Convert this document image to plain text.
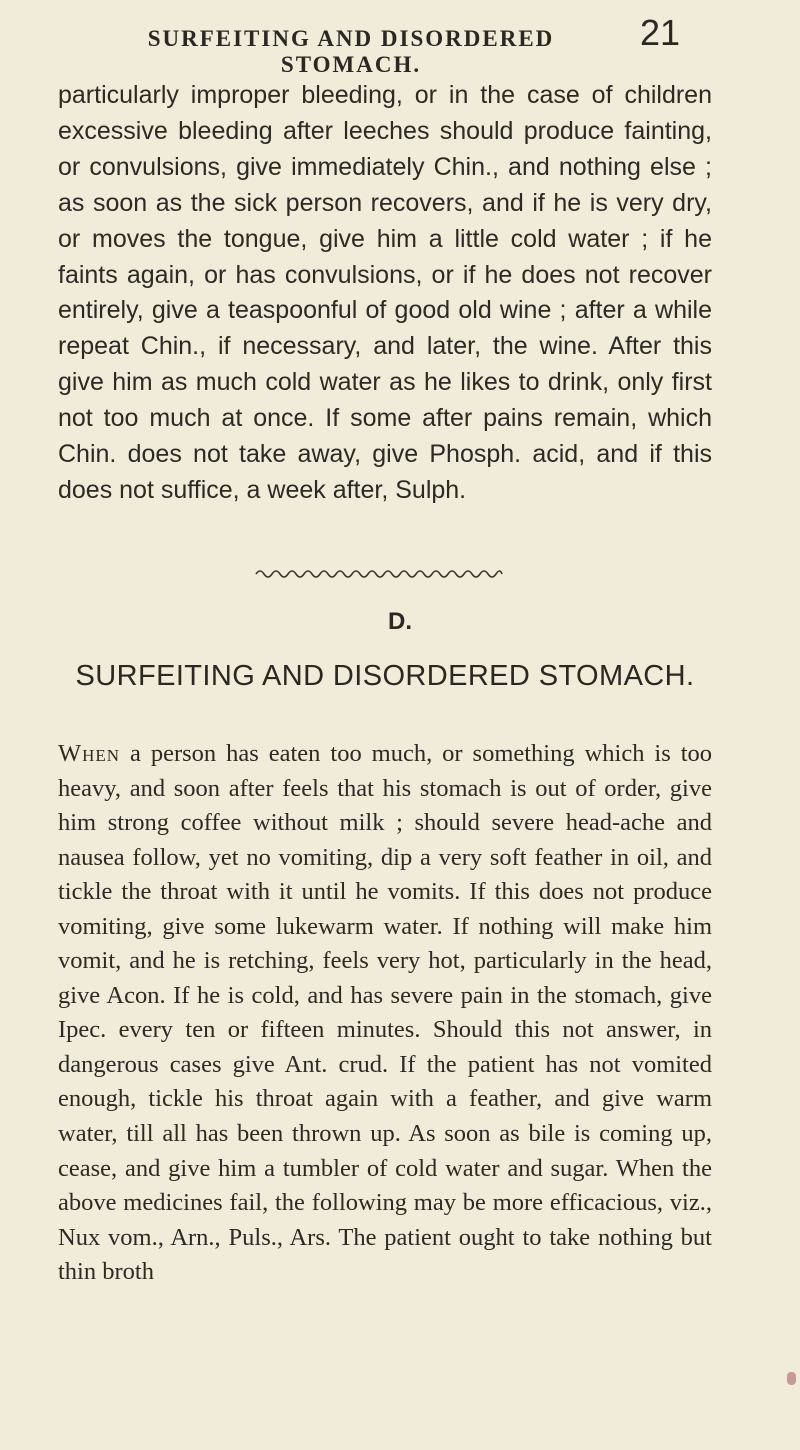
SURFEITING AND DISORDERED STOMACH.
21
particularly improper bleeding, or in the case of children excessive bleeding after leeches should produce fainting, or convulsions, give immediately Chin., and nothing else ; as soon as the sick person recovers, and if he is very dry, or moves the tongue, give him a little cold water ; if he faints again, or has convulsions, or if he does not recover entirely, give a teaspoonful of good old wine ; after a while repeat Chin., if necessary, and later, the wine. After this give him as much cold water as he likes to drink, only first not too much at once. If some after pains remain, which Chin. does not take away, give Phosph. acid, and if this does not suffice, a week after, Sulph.
D.
SURFEITING AND DISORDERED STOMACH.
When a person has eaten too much, or something which is too heavy, and soon after feels that his stomach is out of order, give him strong coffee without milk ; should severe head-ache and nausea follow, yet no vomiting, dip a very soft feather in oil, and tickle the throat with it until he vomits. If this does not produce vomiting, give some lukewarm water. If nothing will make him vomit, and he is retching, feels very hot, particularly in the head, give Acon. If he is cold, and has severe pain in the stomach, give Ipec. every ten or fifteen minutes. Should this not answer, in dangerous cases give Ant. crud. If the patient has not vomited enough, tickle his throat again with a feather, and give warm water, till all has been thrown up. As soon as bile is coming up, cease, and give him a tumbler of cold water and sugar. When the above medicines fail, the following may be more efficacious, viz., Nux vom., Arn., Puls., Ars. The patient ought to take nothing but thin broth
